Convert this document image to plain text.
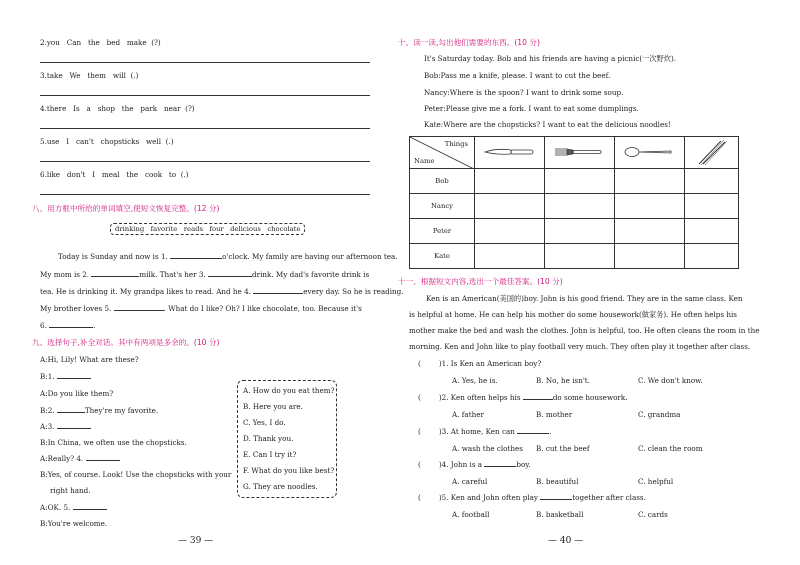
2.you   Can   the   bed   make (?)
3.take   We   them   will (.)
4.there   Is   a   shop   the   park   near (?)
5.use   I   can't   chopsticks   well (.)
6.like   don't   I   meal   the   cook   to (.)
八、用方框中所给的单词填空,使短文恢复完整。(12 分)
drinking   favorite   reads   four   delicious   chocolate
Today is Sunday and now is 1.	o'clock. My family are having our afternoon tea.
My mom is 2.	milk. That's her 3.	drink. My dad's favorite drink is
tea. He is drinking it. My grandpa likes to read. And he 4.	every day. So he is reading.
My brother loves 5.	. What do I like? Oh? I like chocolate, too. Because it's
6.	.
九、选择句子,补全对话。其中有两项是多余的。(10 分)
A:Hi, Lily! What are these?
B:1.
A:Do you like them?
B:2.	They're my favorite.
A:3.
B:In China, we often use the chopsticks.
A:Really? 4.
B:Yes, of course. Look! Use the chopsticks with your
right hand.
A:OK. 5.
B:You're welcome.
A. How do you eat them?
B. Here you are.
C. Yes, I do.
D. Thank you.
E. Can I try it?
F. What do you like best?
G. They are noodles.
— 39 —
十、读一读,勾出他们需要的东西。(10 分)
It's Saturday today. Bob and his friends are having a picnic(一次野炊).
Bob:Pass me a knife, please. I want to cut the beef.
Nancy:Where is the spoon? I want to drink some soup.
Peter:Please give me a fork. I want to eat some dumplings.
Kate:Where are the chopsticks? I want to eat the delicious noodles!
Things
Name

Bob				
Nancy				
Peter				
Kate				
十一、根据短文内容,选出一个最佳答案。(10 分)
Ken is an American(美国的)boy. John is his good friend. They are in the same class. Ken
is helpful at home. He can help his mother do some housework(做家务). He often helps his
mother make the bed and wash the clothes. John is helpful, too. He often cleans the room in the
morning. Ken and John like to play football very much. They often play it together after class.
(	)1. Is Ken an American boy?
A. Yes, he is.	B. No, he isn't.	C. We don't know.
(	)2. Ken often helps his	do some housework.
A. father	B. mother	C. grandma
(	)3. At home, Ken can	.
A. wash the clothes B. cut the beef	C. clean the room
(	)4. John is a	boy.
A. careful	B. beautiful	C. helpful
(	)5. Ken and John often play	together after class.
A. football	B. basketball	C. cards
— 40 —
